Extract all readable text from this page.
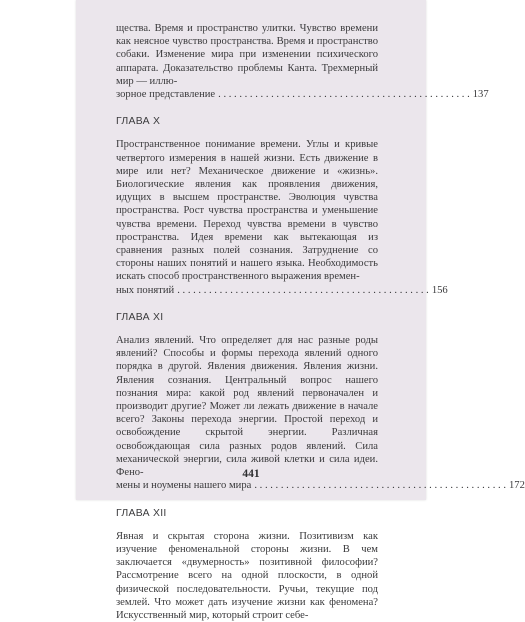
щества. Время и пространство улитки. Чувство времени как неясное чувство пространства. Время и пространство собаки. Изменение мира при изменении психического аппарата. Доказательство проблемы Канта. Трехмерный мир — иллю-
зорное представление . . .	137
ГЛАВА X
Пространственное понимание времени. Углы и кривые четвертого измерения в нашей жизни. Есть движение в мире или нет? Механическое движение и «жизнь». Биологические явления как проявления движения, идущих в высшем пространстве. Эволюция чувства пространства. Рост чувства пространства и уменьшение чувства времени. Переход чувства времени в чувство пространства. Идея времени как вытекающая из сравнения разных полей сознания. Затруднение со стороны наших понятий и нашего языка. Необходимость искать способ пространственного выражения времен-
ных понятий . . .	156
ГЛАВА XI
Анализ явлений. Что определяет для нас разные роды явлений? Способы и формы перехода явлений одного порядка в другой. Явления движения. Явления жизни. Явления сознания. Центральный вопрос нашего познания мира: какой род явлений первоначален и производит другие? Может ли лежать движение в начале всего? Законы перехода энергии. Простой переход и освобождение скрытой энергии. Различная освобождающая сила разных родов явлений. Сила механической энергии, сила живой клетки и сила идеи. Фено-
мены и ноумены нашего мира . . .	172
ГЛАВА XII
Явная и скрытая сторона жизни. Позитивизм как изучение феноменальной стороны жизни. В чем заключается «двумерность» позитивной философии? Рассмотрение всего на одной плоскости, в одной физической последовательности. Ручьи, текущие под землей. Что может дать изучение жизни как феномена? Искусственный мир, который строит себе-
441
